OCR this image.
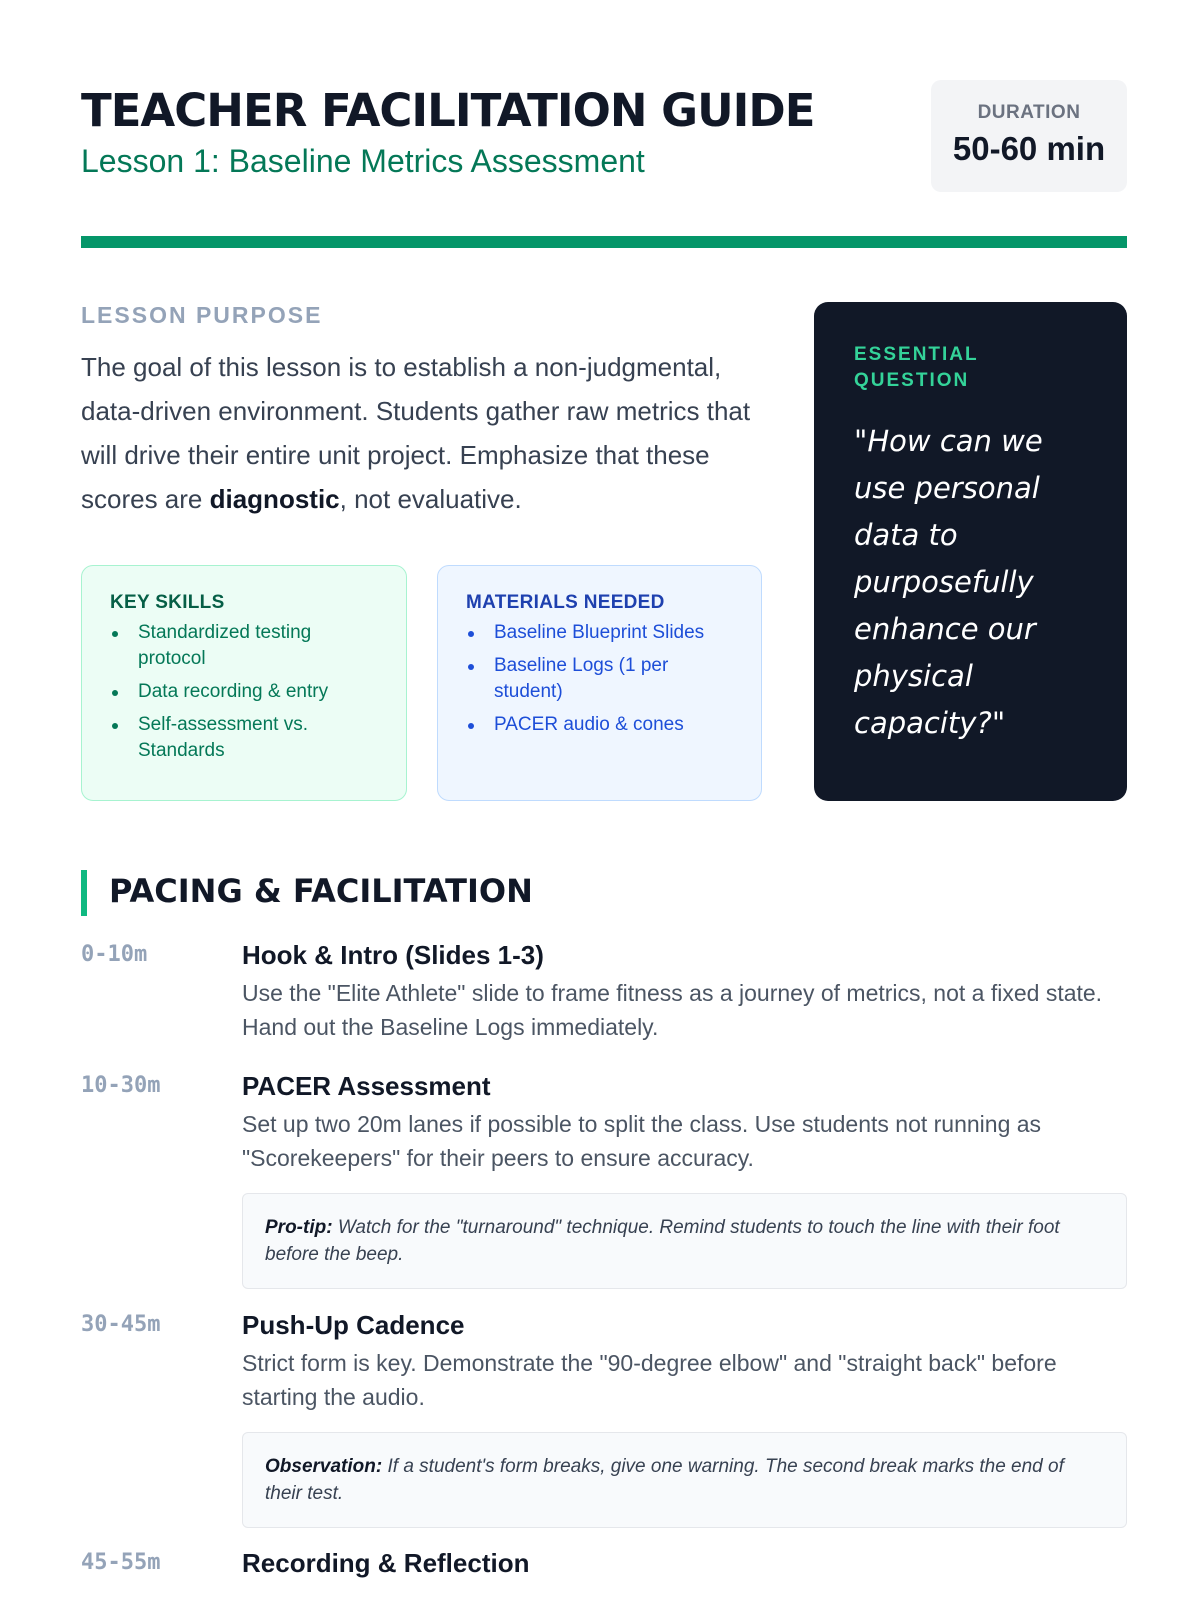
TEACHER FACILITATION GUIDE
Lesson 1: Baseline Metrics Assessment
DURATION
50-60 min
LESSON PURPOSE
The goal of this lesson is to establish a non-judgmental, data-driven environment. Students gather raw metrics that will drive their entire unit project. Emphasize that these scores are diagnostic, not evaluative.
KEY SKILLS
Standardized testing protocol
Data recording & entry
Self-assessment vs. Standards
MATERIALS NEEDED
Baseline Blueprint Slides
Baseline Logs (1 per student)
PACER audio & cones
ESSENTIAL QUESTION
"How can we use personal data to purposefully enhance our physical capacity?"
PACING & FACILITATION
0-10m	Hook & Intro (Slides 1-3)

Use the "Elite Athlete" slide to frame fitness as a journey of metrics, not a fixed state. Hand out the Baseline Logs immediately.

10-30m	PACER Assessment

Set up two 20m lanes if possible to split the class. Use students not running as "Scorekeepers" for their peers to ensure accuracy.

Pro-tip: Watch for the "turnaround" technique. Remind students to touch the line with their foot before the beep.
30-45m	Push-Up Cadence

Strict form is key. Demonstrate the "90-degree elbow" and "straight back" before starting the audio.

Observation: If a student's form breaks, give one warning. The second break marks the end of their test.
45-55m	Recording & Reflection
